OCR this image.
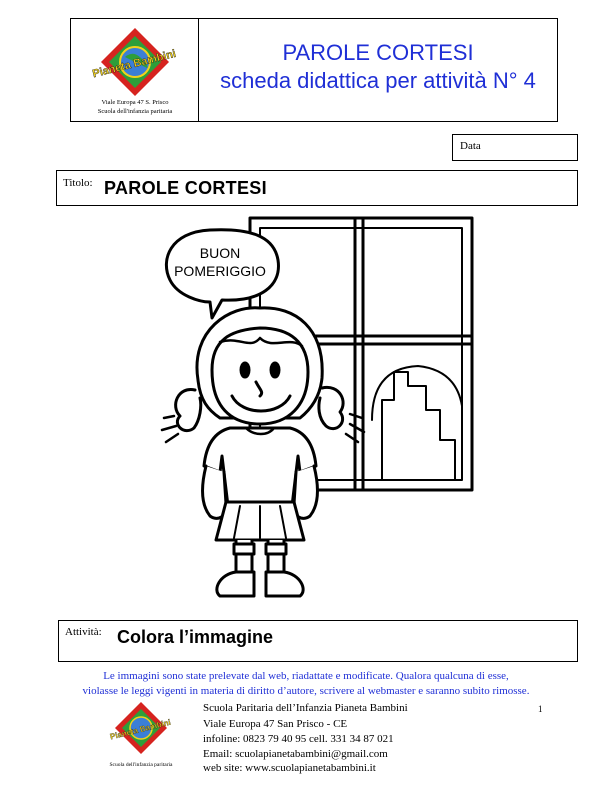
Pianeta Bambini
Viale Europa 47 S. Prisco
Scuola dell'infanzia paritaria
PAROLE CORTESI
scheda didattica per attività N° 4
Data
Titolo: PAROLE CORTESI
BUON
POMERIGGIO
Attività: Colora l’immagine
Le immagini sono state prelevate dal web, riadattate e modificate. Qualora qualcuna di esse,
violasse le leggi vigenti in materia di diritto d’autore, scrivere al webmaster e saranno subito rimosse.
Pianeta Bambini
Scuola dell'infanzia paritaria
Scuola Paritaria dell’Infanzia Pianeta Bambini
Viale Europa 47 San Prisco - CE
infoline: 0823 79 40 95 cell. 331 34 87 021
Email: scuolapianetabambini@gmail.com
web site: www.scuolapianetabambini.it
1
